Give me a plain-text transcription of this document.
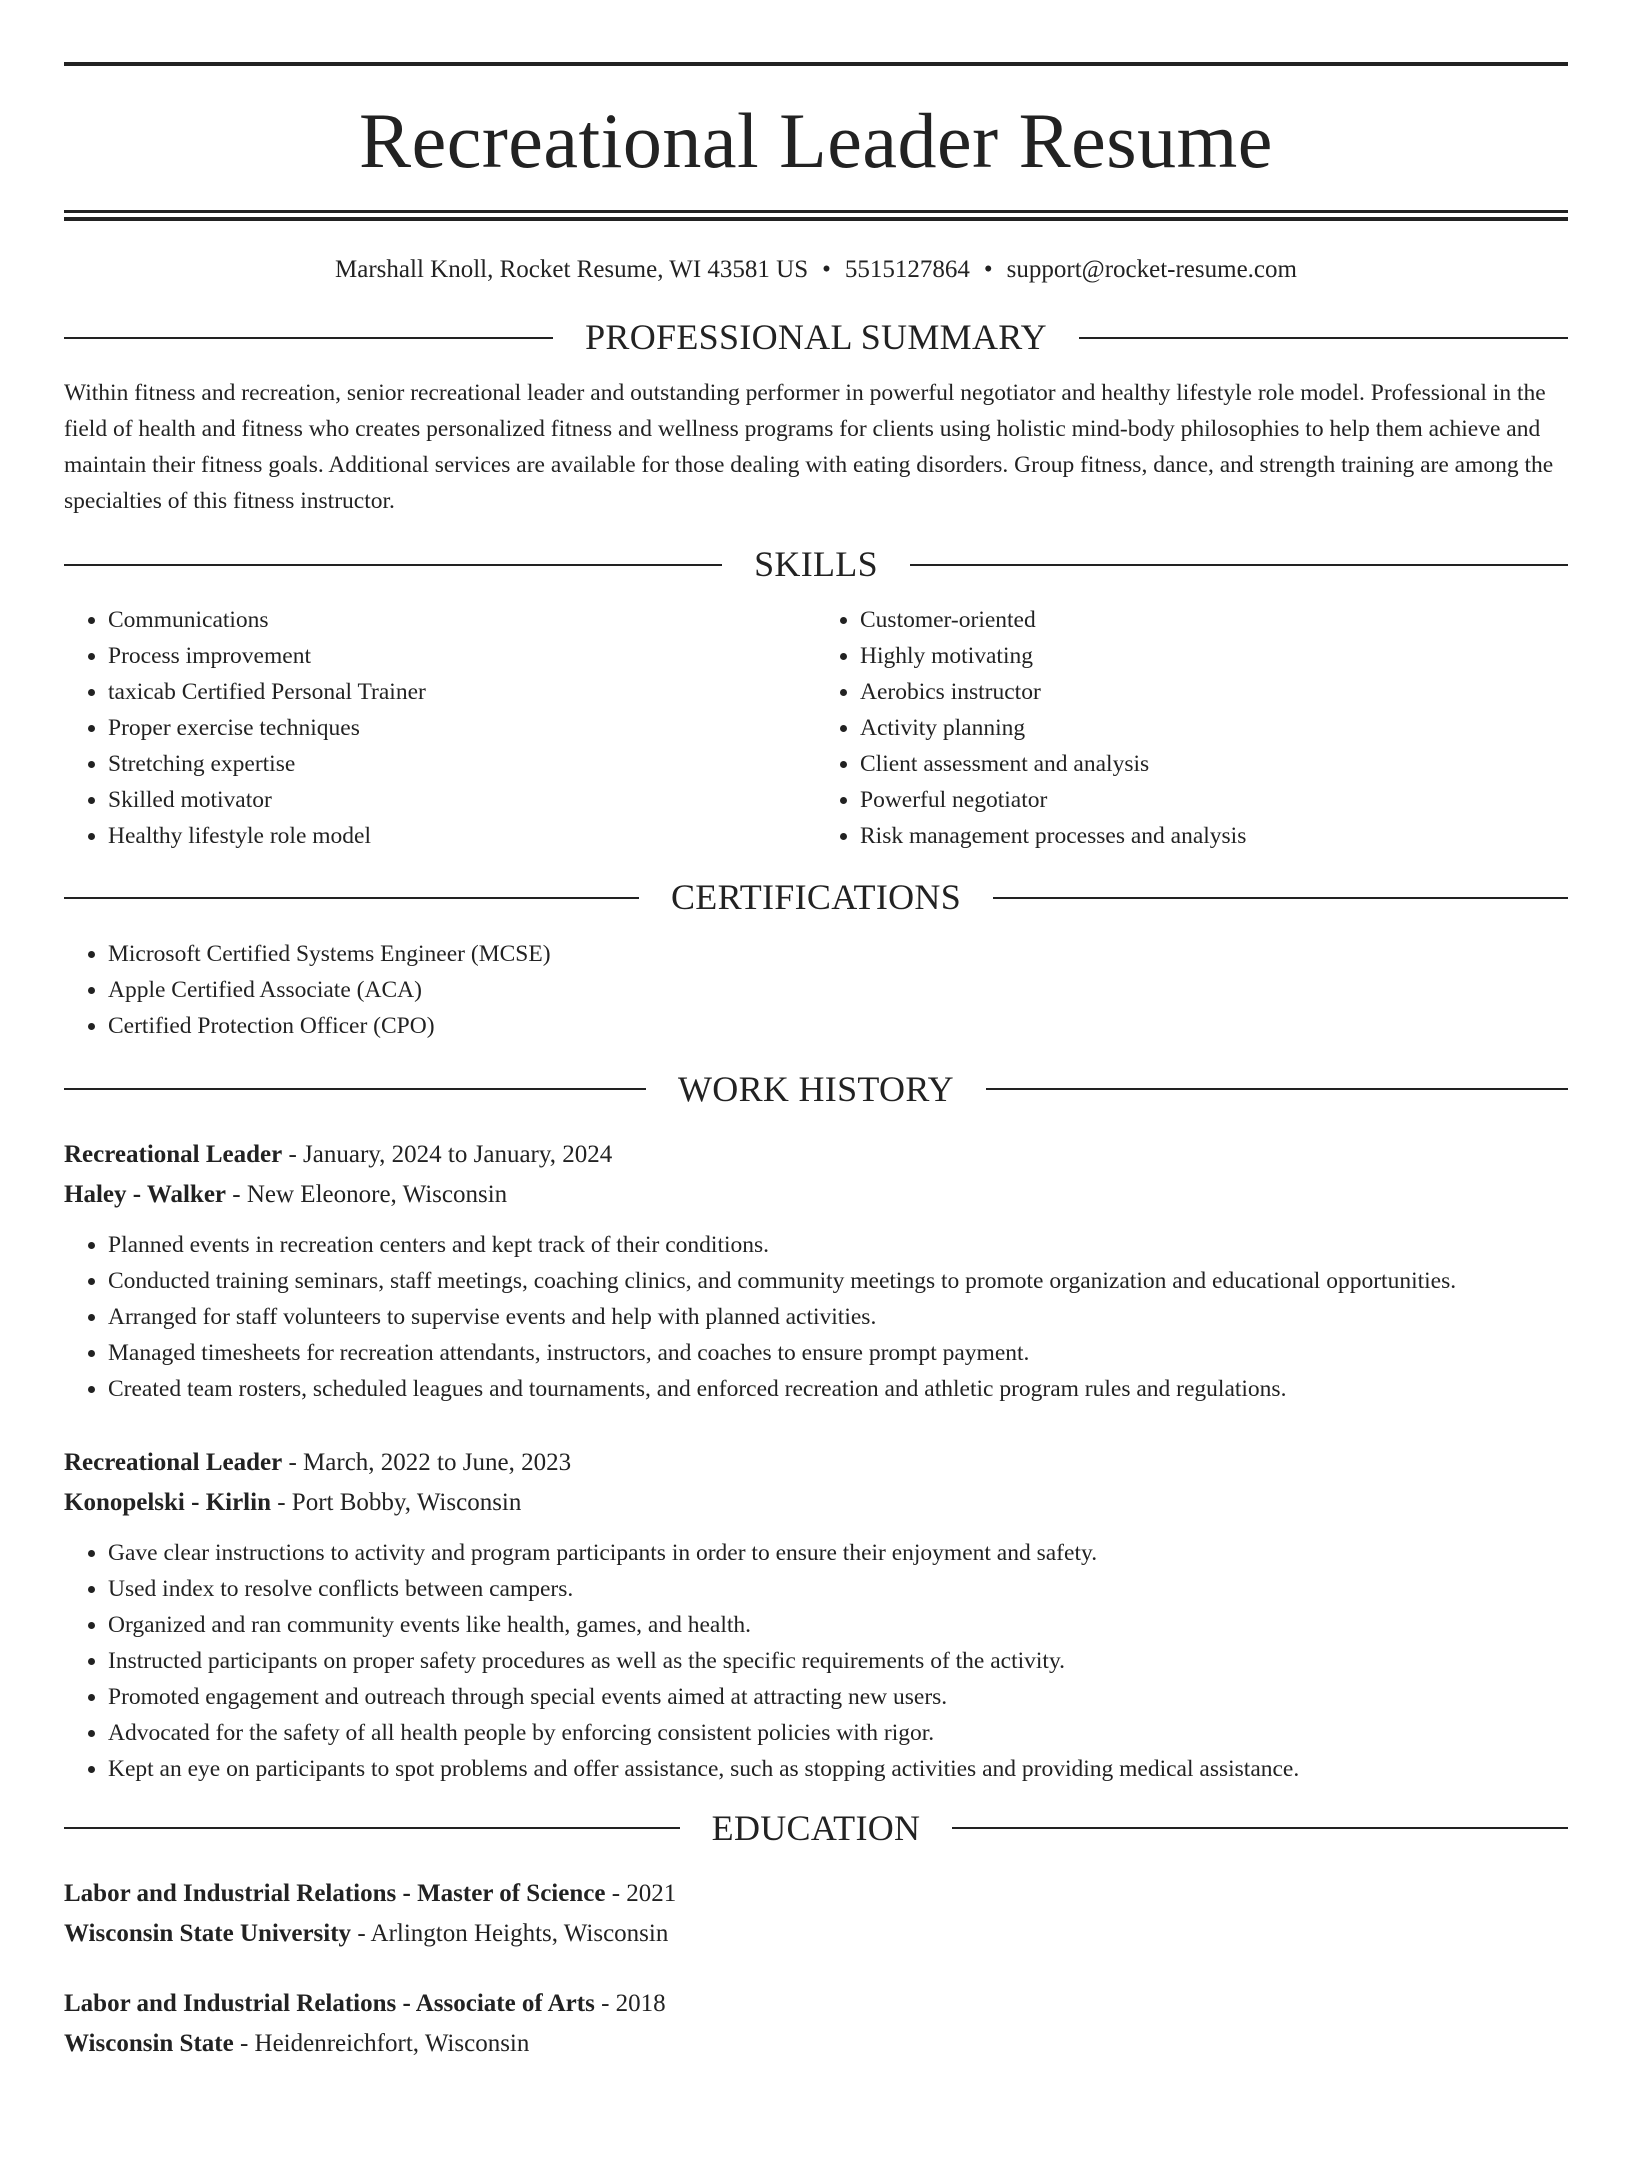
Recreational Leader Resume
Marshall Knoll, Rocket Resume, WI 43581 US • 5515127864 • support@rocket-resume.com
PROFESSIONAL SUMMARY

Within fitness and recreation, senior recreational leader and outstanding performer in powerful negotiator and healthy lifestyle role model. Professional in the field of health and fitness who creates personalized fitness and wellness programs for clients using holistic mind-body philosophies to help them achieve and maintain their fitness goals. Additional services are available for those dealing with eating disorders. Group fitness, dance, and strength training are among the specialties of this fitness instructor.

SKILLS
• Communications
• Process improvement
• taxicab Certified Personal Trainer
• Proper exercise techniques
• Stretching expertise
• Skilled motivator
• Healthy lifestyle role model
• Customer-oriented
• Highly motivating
• Aerobics instructor
• Activity planning
• Client assessment and analysis
• Powerful negotiator
• Risk management processes and analysis
CERTIFICATIONS
• Microsoft Certified Systems Engineer (MCSE)
• Apple Certified Associate (ACA)
• Certified Protection Officer (CPO)
WORK HISTORY
Recreational Leader - January, 2024 to January, 2024
Haley - Walker - New Eleonore, Wisconsin
• Planned events in recreation centers and kept track of their conditions.
• Conducted training seminars, staff meetings, coaching clinics, and community meetings to promote organization and educational opportunities.
• Arranged for staff volunteers to supervise events and help with planned activities.
• Managed timesheets for recreation attendants, instructors, and coaches to ensure prompt payment.
• Created team rosters, scheduled leagues and tournaments, and enforced recreation and athletic program rules and regulations.
Recreational Leader - March, 2022 to June, 2023
Konopelski - Kirlin - Port Bobby, Wisconsin
• Gave clear instructions to activity and program participants in order to ensure their enjoyment and safety.
• Used index to resolve conflicts between campers.
• Organized and ran community events like health, games, and health.
• Instructed participants on proper safety procedures as well as the specific requirements of the activity.
• Promoted engagement and outreach through special events aimed at attracting new users.
• Advocated for the safety of all health people by enforcing consistent policies with rigor.
• Kept an eye on participants to spot problems and offer assistance, such as stopping activities and providing medical assistance.
EDUCATION
Labor and Industrial Relations - Master of Science - 2021
Wisconsin State University - Arlington Heights, Wisconsin
Labor and Industrial Relations - Associate of Arts - 2018
Wisconsin State - Heidenreichfort, Wisconsin
